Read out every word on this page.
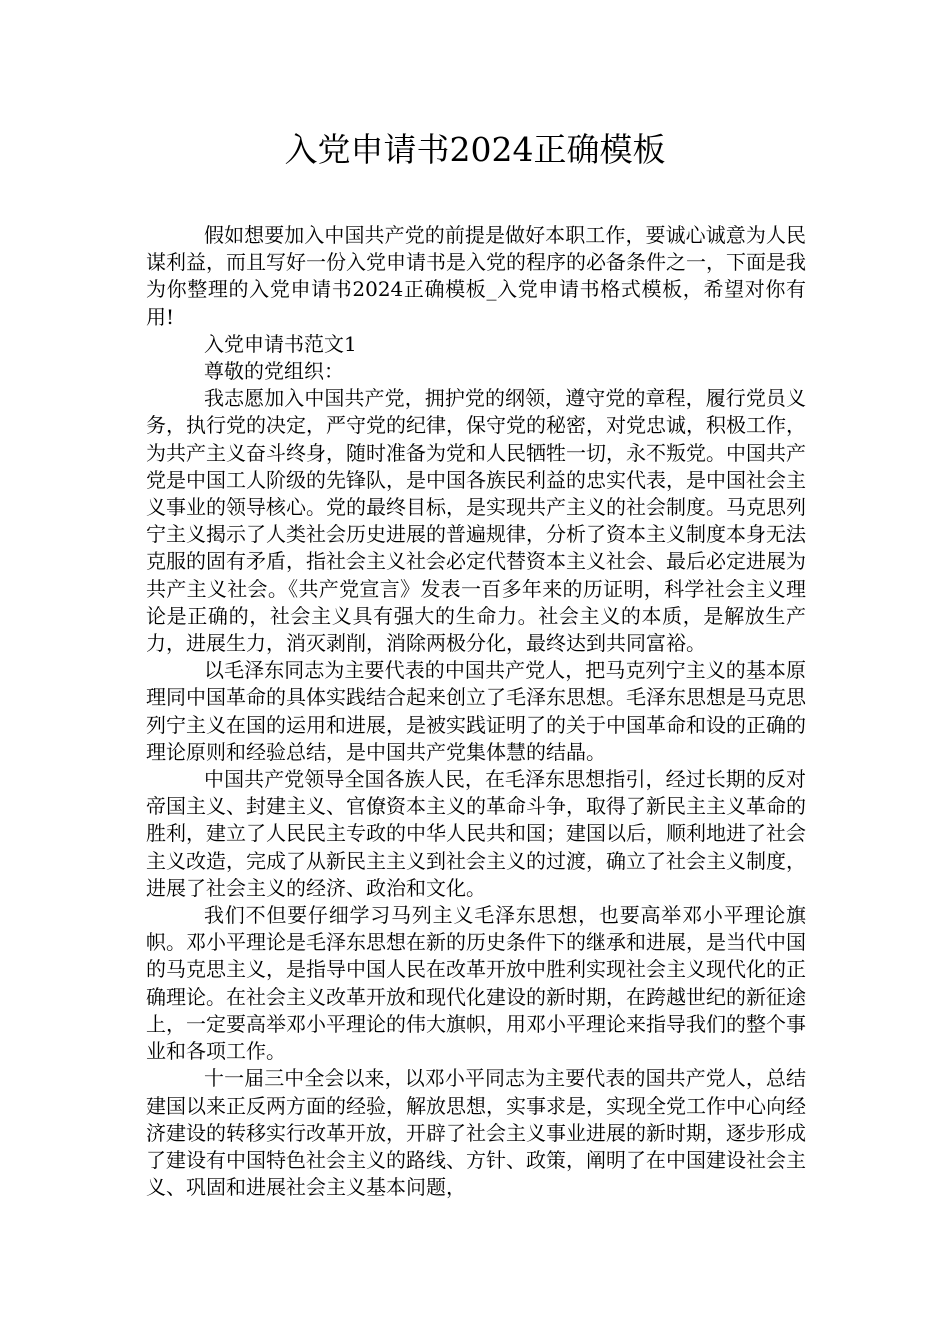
入党申请书2024正确模板

假如想要加入中国共产党的前提是做好本职工作，要诚心诚意为人民谋利益，而且写好一份入党申请书是入党的程序的必备条件之一，下面是我为你整理的入党申请书2024正确模板_入党申请书格式模板，希望对你有用!

入党申请书范文1

尊敬的党组织：

我志愿加入中国共产党，拥护党的纲领，遵守党的章程，履行党员义务，执行党的决定，严守党的纪律，保守党的秘密，对党忠诚，积极工作，为共产主义奋斗终身，随时准备为党和人民牺牲一切，永不叛党。中国共产党是中国工人阶级的先锋队，是中国各族民利益的忠实代表，是中国社会主义事业的领导核心。党的最终目标，是实现共产主义的社会制度。马克思列宁主义揭示了人类社会历史进展的普遍规律，分析了资本主义制度本身无法克服的固有矛盾，指社会主义社会必定代替资本主义社会、最后必定进展为共产主义社会。《共产党宣言》发表一百多年来的历证明，科学社会主义理论是正确的，社会主义具有强大的生命力。社会主义的本质，是解放生产力，进展生力，消灭剥削，消除两极分化，最终达到共同富裕。

以毛泽东同志为主要代表的中国共产党人，把马克列宁主义的基本原理同中国革命的具体实践结合起来创立了毛泽东思想。毛泽东思想是马克思列宁主义在国的运用和进展，是被实践证明了的关于中国革命和设的正确的理论原则和经验总结，是中国共产党集体慧的结晶。

中国共产党领导全国各族人民，在毛泽东思想指引，经过长期的反对帝国主义、封建主义、官僚资本主义的革命斗争，取得了新民主主义革命的胜利，建立了人民民主专政的中华人民共和国；建国以后，顺利地进了社会主义改造，完成了从新民主主义到社会主义的过渡，确立了社会主义制度，进展了社会主义的经济、政治和文化。

我们不但要仔细学习马列主义毛泽东思想，也要高举邓小平理论旗帜。邓小平理论是毛泽东思想在新的历史条件下的继承和进展，是当代中国的马克思主义，是指导中国人民在改革开放中胜利实现社会主义现代化的正确理论。在社会主义改革开放和现代化建设的新时期，在跨越世纪的新征途上，一定要高举邓小平理论的伟大旗帜，用邓小平理论来指导我们的整个事业和各项工作。

十一届三中全会以来，以邓小平同志为主要代表的国共产党人，总结建国以来正反两方面的经验，解放思想，实事求是，实现全党工作中心向经济建设的转移实行改革开放，开辟了社会主义事业进展的新时期，逐步形成了建设有中国特色社会主义的路线、方针、政策，阐明了在中国建设社会主义、巩固和进展社会主义基本问题，
